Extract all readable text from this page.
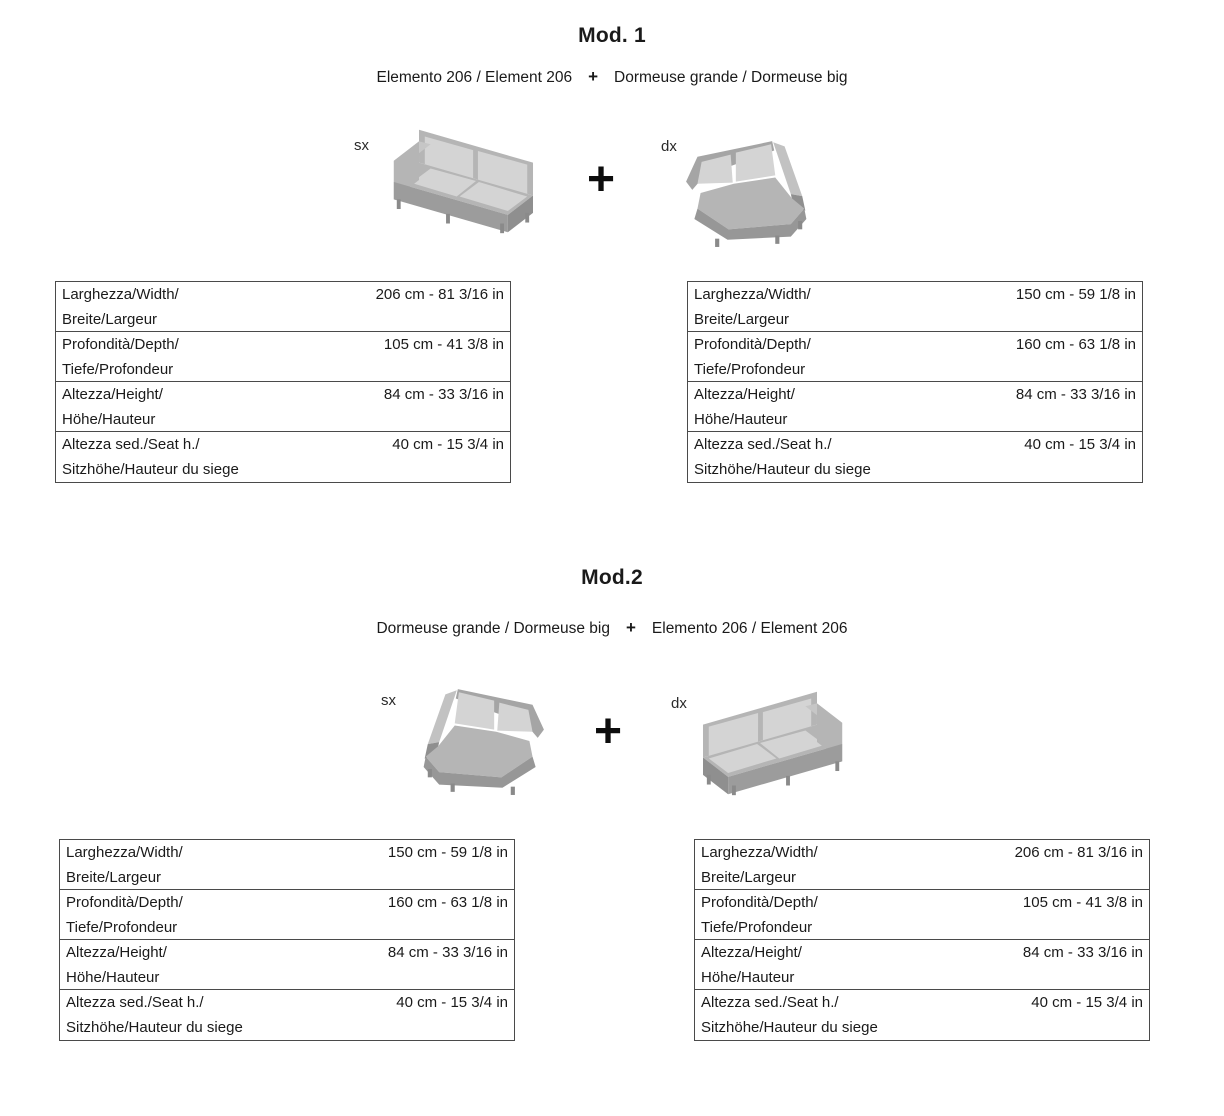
Mod. 1

Elemento 206 / Element 206 + Dormeuse grande / Dormeuse big

sx
+
dx
Larghezza/Width/
Breite/Largeur
206 cm - 81 3/16 in
Profondità/Depth/
Tiefe/Profondeur
105 cm - 41 3/8 in
Altezza/Height/
Höhe/Hauteur
84 cm - 33 3/16 in
Altezza sed./Seat h./
Sitzhöhe/Hauteur du siege
40 cm - 15 3/4 in
Larghezza/Width/
Breite/Largeur
150 cm - 59 1/8 in
Profondità/Depth/
Tiefe/Profondeur
160 cm - 63 1/8 in
Altezza/Height/
Höhe/Hauteur
84 cm - 33 3/16 in
Altezza sed./Seat h./
Sitzhöhe/Hauteur du siege
40 cm - 15 3/4 in
Mod.2

Dormeuse grande / Dormeuse big + Elemento 206 / Element 206

sx
+
dx
Larghezza/Width/
Breite/Largeur
150 cm - 59 1/8 in
Profondità/Depth/
Tiefe/Profondeur
160 cm - 63 1/8 in
Altezza/Height/
Höhe/Hauteur
84 cm - 33 3/16 in
Altezza sed./Seat h./
Sitzhöhe/Hauteur du siege
40 cm - 15 3/4 in
Larghezza/Width/
Breite/Largeur
206 cm - 81 3/16 in
Profondità/Depth/
Tiefe/Profondeur
105 cm - 41 3/8 in
Altezza/Height/
Höhe/Hauteur
84 cm - 33 3/16 in
Altezza sed./Seat h./
Sitzhöhe/Hauteur du siege
40 cm - 15 3/4 in
